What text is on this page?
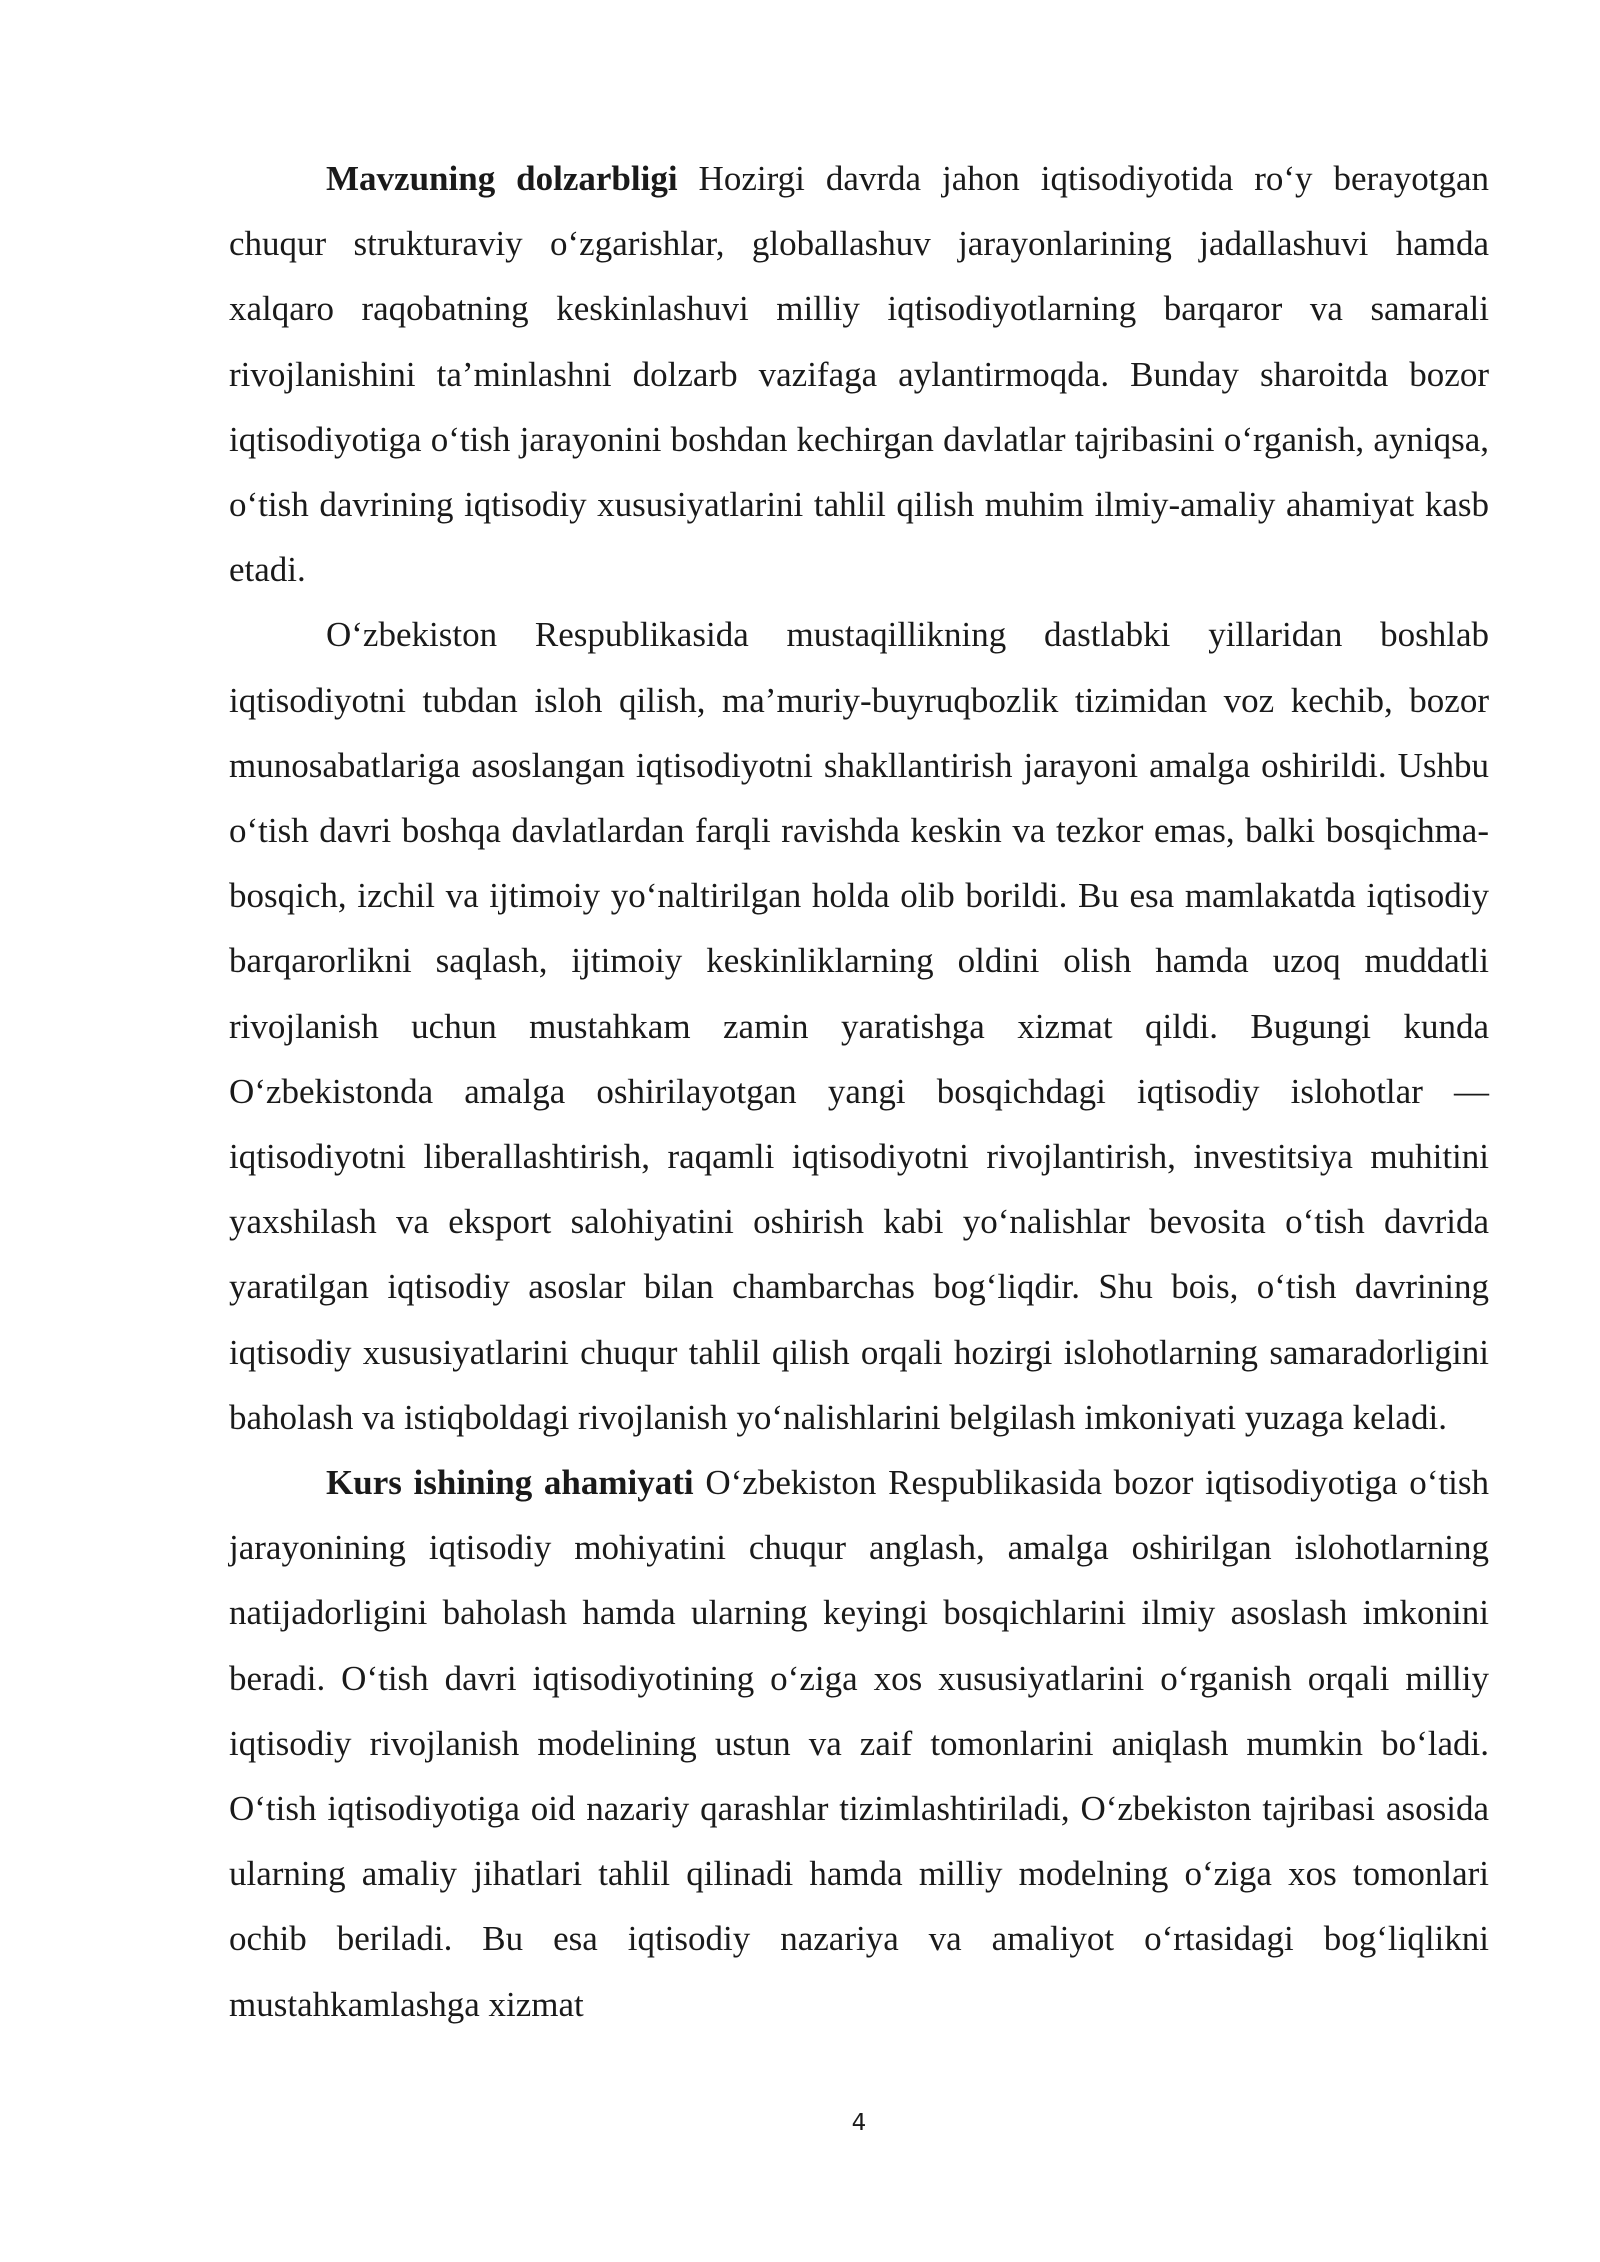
Mavzuning dolzarbligi Hozirgi davrda jahon iqtisodiyotida ro‘y berayotgan chuqur strukturaviy o‘zgarishlar, globallashuv jarayonlarining jadallashuvi hamda xalqaro raqobatning keskinlashuvi milliy iqtisodiyotlarning barqaror va samarali rivojlanishini ta’minlashni dolzarb vazifaga aylantirmoqda. Bunday sharoitda bozor iqtisodiyotiga o‘tish jarayonini boshdan kechirgan davlatlar tajribasini o‘rganish, ayniqsa, o‘tish davrining iqtisodiy xususiyatlarini tahlil qilish muhim ilmiy-amaliy ahamiyat kasb etadi.

O‘zbekiston Respublikasida mustaqillikning dastlabki yillaridan boshlab iqtisodiyotni tubdan isloh qilish, ma’muriy-buyruqbozlik tizimidan voz kechib, bozor munosabatlariga asoslangan iqtisodiyotni shakllantirish jarayoni amalga oshirildi. Ushbu o‘tish davri boshqa davlatlardan farqli ravishda keskin va tezkor emas, balki bosqichma-bosqich, izchil va ijtimoiy yo‘naltirilgan holda olib borildi. Bu esa mamlakatda iqtisodiy barqarorlikni saqlash, ijtimoiy keskinliklarning oldini olish hamda uzoq muddatli rivojlanish uchun mustahkam zamin yaratishga xizmat qildi. Bugungi kunda O‘zbekistonda amalga oshirilayotgan yangi bosqichdagi iqtisodiy islohotlar — iqtisodiyotni liberallashtirish, raqamli iqtisodiyotni rivojlantirish, investitsiya muhitini yaxshilash va eksport salohiyatini oshirish kabi yo‘nalishlar bevosita o‘tish davrida yaratilgan iqtisodiy asoslar bilan chambarchas bog‘liqdir. Shu bois, o‘tish davrining iqtisodiy xususiyatlarini chuqur tahlil qilish orqali hozirgi islohotlarning samaradorligini baholash va istiqboldagi rivojlanish yo‘nalishlarini belgilash imkoniyati yuzaga keladi.

Kurs ishining ahamiyati O‘zbekiston Respublikasida bozor iqtisodiyotiga o‘tish jarayonining iqtisodiy mohiyatini chuqur anglash, amalga oshirilgan islohotlarning natijadorligini baholash hamda ularning keyingi bosqichlarini ilmiy asoslash imkonini beradi. O‘tish davri iqtisodiyotining o‘ziga xos xususiyatlarini o‘rganish orqali milliy iqtisodiy rivojlanish modelining ustun va zaif tomonlarini aniqlash mumkin bo‘ladi. O‘tish iqtisodiyotiga oid nazariy qarashlar tizimlashtiriladi, O‘zbekiston tajribasi asosida ularning amaliy jihatlari tahlil qilinadi hamda milliy modelning o‘ziga xos tomonlari ochib beriladi. Bu esa iqtisodiy nazariya va amaliyot o‘rtasidagi bog‘liqlikni mustahkamlashga xizmat

4
